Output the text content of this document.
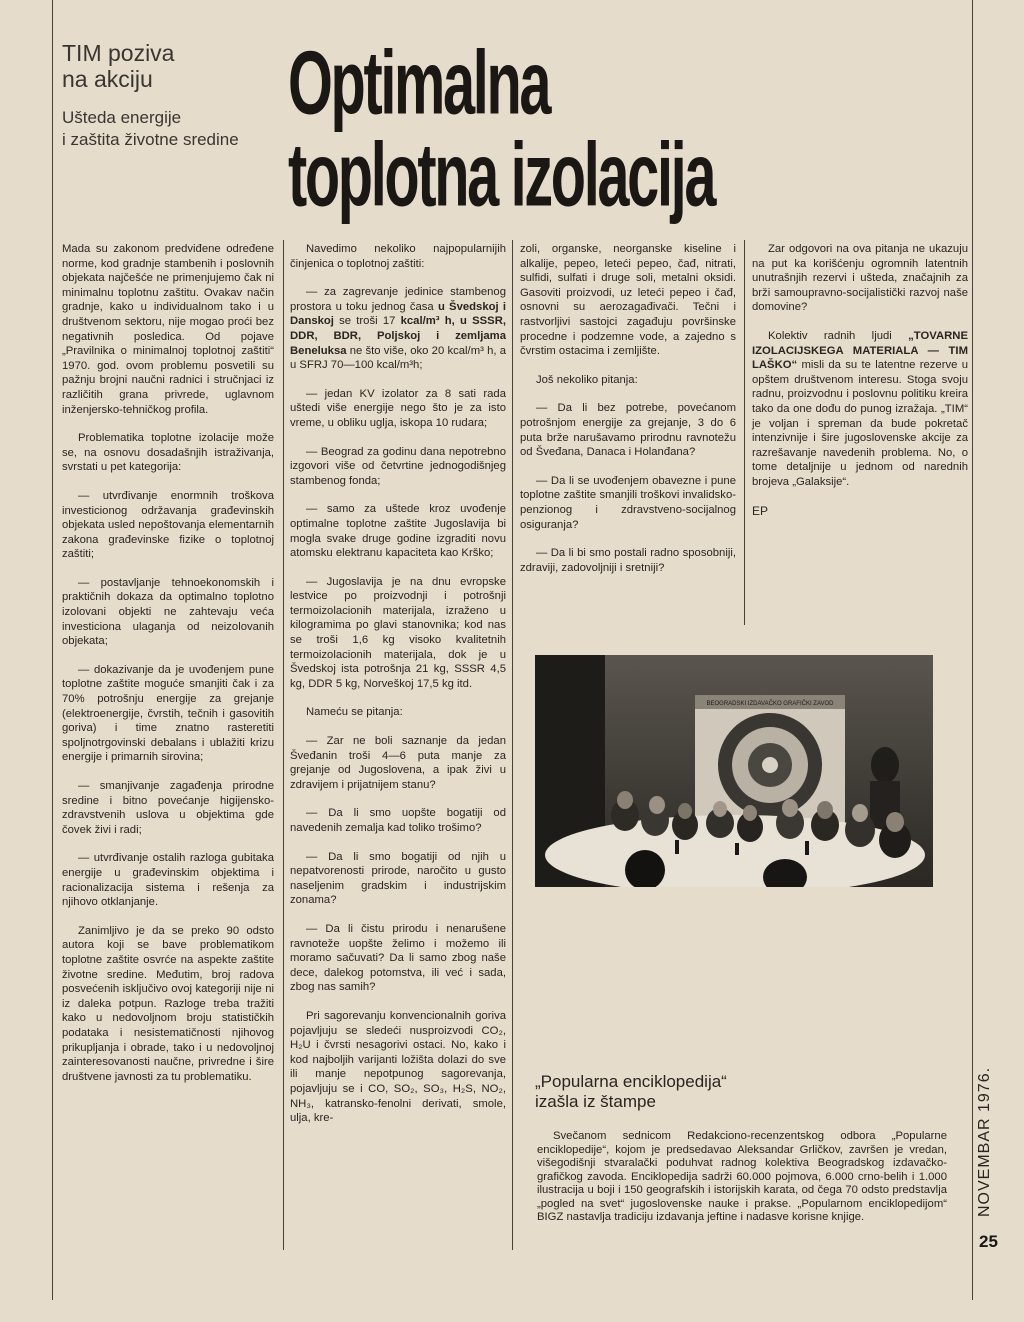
TIM poziva
na akciju
Ušteda energije
i zaštita životne sredine
Optimalna
toplotna izolacija

Mada su zakonom predviđene određene norme, kod gradnje stambenih i poslovnih objekata najčešće ne primenjujemo čak ni minimalnu toplotnu zaštitu. Ovakav način gradnje, kako u individualnom tako i u društvenom sektoru, nije mogao proći bez negativnih posledica. Od pojave „Pravilnika o minimalnoj toplotnoj zaštiti“ 1970. god. ovom problemu posvetili su pažnju brojni naučni radnici i stručnjaci iz različitih grana privrede, uglavnom inženjersko-tehničkog profila.

Problematika toplotne izolacije može se, na osnovu dosadašnjih istraživanja, svrstati u pet kategorija:

— utvrđivanje enormnih troškova investicionog održavanja građevinskih objekata usled nepoštovanja elementarnih zakona građevinske fizike o toplotnoj zaštiti;

— postavljanje tehnoekonomskih i praktičnih dokaza da optimalno toplotno izolovani objekti ne zahtevaju veća investiciona ulaganja od neizolovanih objekata;

— dokazivanje da je uvođenjem pune toplotne zaštite moguće smanjiti čak i za 70% potrošnju energije za grejanje (elektroenergije, čvrstih, tečnih i gasovitih goriva) i time znatno rasteretiti spoljnotrgovinski debalans i ublažiti krizu energije i primarnih sirovina;

— smanjivanje zagađenja prirodne sredine i bitno povećanje higijensko-zdravstvenih uslova u objektima gde čovek živi i radi;

— utvrđivanje ostalih razloga gubitaka energije u građevinskim objektima i racionalizacija sistema i rešenja za njihovo otklanjanje.

Zanimljivo je da se preko 90 odsto autora koji se bave problematikom toplotne zaštite osvrće na aspekte zaštite životne sredine. Međutim, broj radova posvećenih isključivo ovoj kategoriji nije ni iz daleka potpun. Razloge treba tražiti kako u nedovoljnom broju statističkih podataka i nesistematičnosti njihovog prikupljanja i obrade, tako i u nedovoljnoj zainteresovanosti naučne, privredne i šire društvene javnosti za tu problematiku.

Navedimo nekoliko najpopularnijih činjenica o toplotnoj zaštiti:

— za zagrevanje jedinice stambenog prostora u toku jednog časa u Švedskoj i Danskoj se troši 17 kcal/m³ h, u SSSR, DDR, BDR, Poljskoj i zemljama Beneluksa ne što više, oko 20 kcal/m³ h, a u SFRJ 70—100 kcal/m³h;

— jedan KV izolator za 8 sati rada uštedi više energije nego što je za isto vreme, u obliku uglja, iskopa 10 rudara;

— Beograd za godinu dana nepotrebno izgovori više od četvrtine jednogodišnjeg stambenog fonda;

— samo za uštede kroz uvođenje optimalne toplotne zaštite Jugoslavija bi mogla svake druge godine izgraditi novu atomsku elektranu kapaciteta kao Krško;

— Jugoslavija je na dnu evropske lestvice po proizvodnji i potrošnji termoizolacionih materijala, izraženo u kilogramima po glavi stanovnika; kod nas se troši 1,6 kg visoko kvalitetnih termoizolacionih materijala, dok je u Švedskoj ista potrošnja 21 kg, SSSR 4,5 kg, DDR 5 kg, Norveškoj 17,5 kg itd.

Nameću se pitanja:

— Zar ne boli saznanje da jedan Šveđanin troši 4—6 puta manje za grejanje od Jugoslovena, a ipak živi u zdravijem i prijatnijem stanu?

— Da li smo uopšte bogatiji od navedenih zemalja kad toliko trošimo?

— Da li smo bogatiji od njih u nepatvorenosti prirode, naročito u gusto naseljenim gradskim i industrijskim zonama?

— Da li čistu prirodu i nenarušene ravnoteže uopšte želimo i možemo ili moramo sačuvati? Da li samo zbog naše dece, dalekog potomstva, ili već i sada, zbog nas samih?

Pri sagorevanju konvencionalnih goriva pojavljuju se sledeći nusproizvodi CO₂, H₂U i čvrsti nesagorivi ostaci. No, kako i kod najboljih varijanti ložišta dolazi do sve ili manje nepotpunog sagorevanja, pojavljuju se i CO, SO₂, SO₃, H₂S, NO₂, NH₃, katransko-fenolni derivati, smole, ulja, kre-

zoli, organske, neorganske kiseline i alkalije, pepeo, leteći pepeo, čađ, nitrati, sulfidi, sulfati i druge soli, metalni oksidi. Gasoviti proizvodi, uz leteći pepeo i čađ, osnovni su aerozagađivači. Tečni i rastvorljivi sastojci zagađuju površinske procedne i podzemne vode, a zajedno s čvrstim ostacima i zemljište.

Još nekoliko pitanja:

— Da li bez potrebe, povećanom potrošnjom energije za grejanje, 3 do 6 puta brže narušavamo prirodnu ravnotežu od Šveđana, Danaca i Holanđana?

— Da li se uvođenjem obavezne i pune toplotne zaštite smanjili troškovi invalidsko-penzionog i zdravstveno-socijalnog osiguranja?

— Da li bi smo postali radno sposobniji, zdraviji, zadovoljniji i sretniji?

Zar odgovori na ova pitanja ne ukazuju na put ka korišćenju ogromnih latentnih unutrašnjih rezervi i ušteda, značajnih za brži samoupravno-socijalistički razvoj naše domovine?

Kolektiv radnih ljudi „TOVARNE IZOLACIJSKEGA MATERIALA — TIM LAŠKO“ misli da su te latentne rezerve u opštem društvenom interesu. Stoga svoju radnu, proizvodnu i poslovnu politiku kreira tako da one dođu do punog izražaja. „TIM“ je voljan i spreman da bude pokretač intenzivnije i šire jugoslovenske akcije za razrešavanje navedenih problema. No, o tome detaljnije u jednom od narednih brojeva „Galaksije“.

EP
BEOGRADSKI IZDAVAČKO GRAFIČKI ZAVOD
„Popularna enciklopedija“
izašla iz štampe
Svečanom sednicom Redakciono-recenzentskog odbora „Popularne enciklopedije“, kojom je predsedavao Aleksandar Grličkov, završen je vredan, višegodišnji stvaralački poduhvat radnog kolektiva Beogradskog izdavačko-grafičkog zavoda. Enciklopedija sadrži 60.000 pojmova, 6.000 crno-belih i 1.000 ilustracija u boji i 150 geografskih i istorijskih karata, od čega 70 odsto predstavlja „pogled na svet“ jugoslovenske nauke i prakse. „Popularnom enciklopedijom“ BIGZ nastavlja tradiciju izdavanja jeftine i nadasve korisne knjige.	NOVEMBAR 1976.
25
